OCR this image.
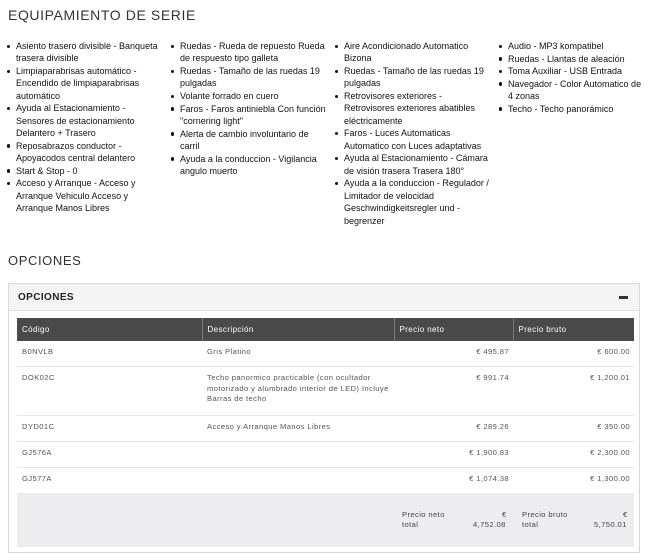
EQUIPAMIENTO DE SERIE
Asiento trasero divisible - Banqueta trasera divisible
Limpiaparabrisas automático - Encendido de limpiaparabrisas automático
Ayuda al Estacionamiento - Sensores de estacionamiento Delantero + Trasero
Reposabrazos conductor - Apoyacodos central delantero
Start & Stop - 0
Acceso y Arranque - Acceso y Arranque Vehiculo Acceso y Arranque Manos Libres
Ruedas - Rueda de repuesto Rueda de respuesto tipo galleta
Ruedas - Tamaño de las ruedas 19 pulgadas
Volante forrado en cuero
Faros - Faros antiniebla Con función "cornering light"
Alerta de cambio involuntario de carril
Ayuda a la conduccion - Vigilancia angulo muerto
Aire Acondicionado Automatico Bizona
Ruedas - Tamaño de las ruedas 19 pulgadas
Retrovisores exteriores - Retrovisores exteriores abatibles eléctricamente
Faros - Luces Automaticas Automatico con Luces adaptativas
Ayuda al Estacionamiento - Cámara de visión trasera Trasera 180°
Ayuda a la conduccion - Regulador / Limitador de velocidad Geschwindigkeitsregler und -begrenzer
Audio - MP3 kompatibel
Ruedas - Llantas de aleación
Toma Auxiliar - USB Entrada
Navegador - Color Automatico de 4 zonas
Techo - Techo panorámico
OPCIONES
OPCIONES
Código	Descripción	Precio neto	Precio bruto
B0NVLB	Gris Platino	€ 495.87	€ 600.00
DOK02C	Techo panormico practicable (con ocultador motorizado y alumbrado interior de LED) Incluye Barras de techo	€ 991.74	€ 1,200.01
DYD01C	Acceso y Arranque Manos Libres	€ 289.26	€ 350.00
GJ576A		€ 1,900.83	€ 2,300.00
GJ577A		€ 1,074.38	€ 1,300.00
Precio neto
total
€
4,752.08
Precio bruto
total
€
5,750.01
